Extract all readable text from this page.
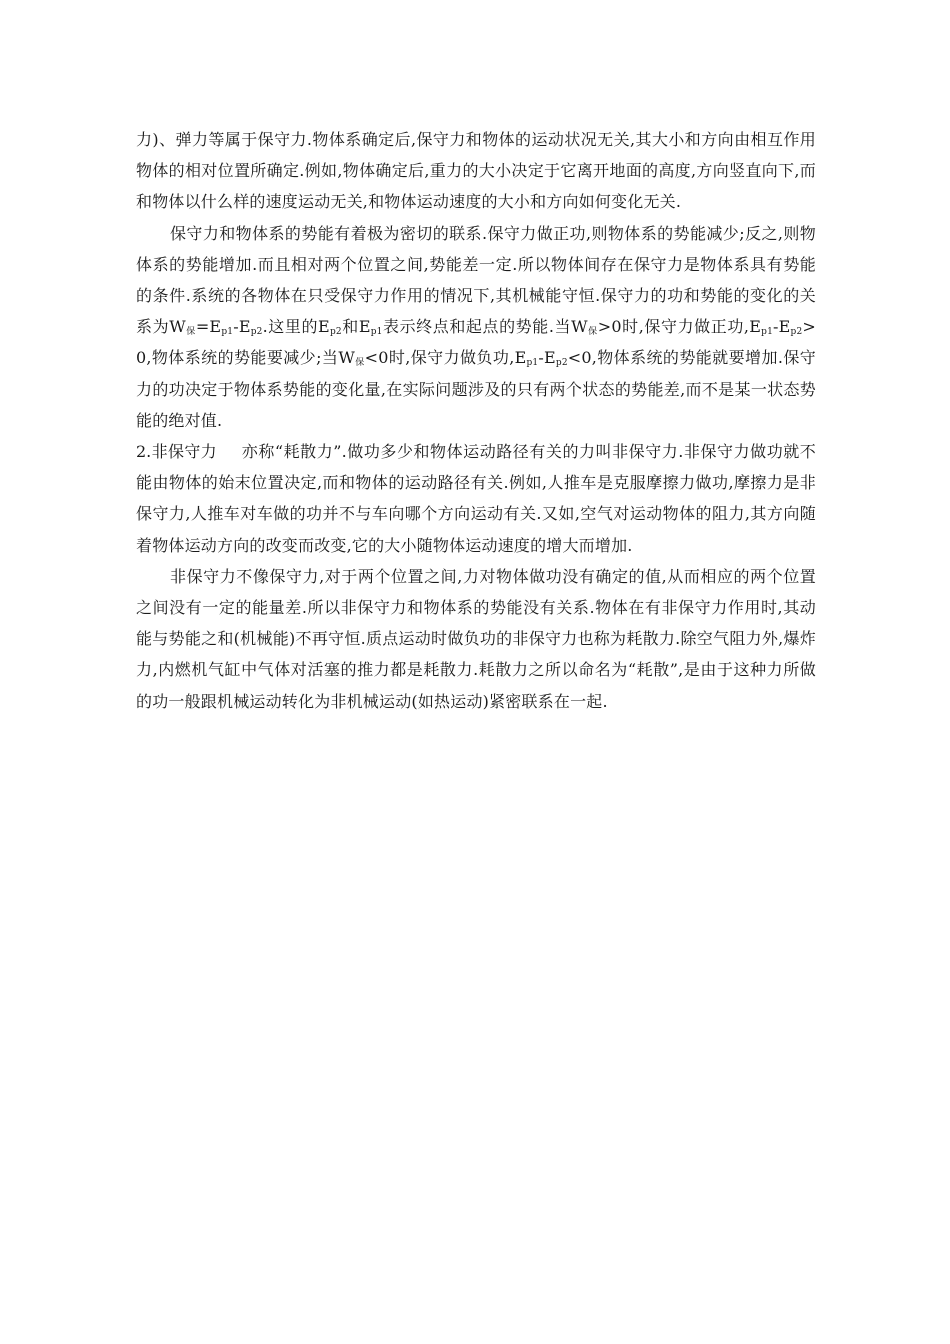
力)、弹力等属于保守力.物体系确定后,保守力和物体的运动状况无关,其大小和方向由相互作用物体的相对位置所确定.例如,物体确定后,重力的大小决定于它离开地面的高度,方向竖直向下,而和物体以什么样的速度运动无关,和物体运动速度的大小和方向如何变化无关.

保守力和物体系的势能有着极为密切的联系.保守力做正功,则物体系的势能减少;反之,则物体系的势能增加.而且相对两个位置之间,势能差一定.所以物体间存在保守力是物体系具有势能的条件.系统的各物体在只受保守力作用的情况下,其机械能守恒.保守力的功和势能的变化的关系为$W_保=E_{p1}-E_{p2}$.这里的$E_{p2}$和$E_{p1}$表示终点和起点的势能.当$W_保>0$时,保守力做正功$,E_{p1}-E_{p2}>0$,物体系统的势能要减少;当$W_保<0$时,保守力做负功$,E_{p1}-E_{p2}<0$,物体系统的势能就要增加.保守力的功决定于物体系势能的变化量,在实际问题涉及的只有两个状态的势能差,而不是某一状态势能的绝对值.

2.非保守力   亦称“耗散力”.做功多少和物体运动路径有关的力叫非保守力.非保守力做功就不能由物体的始末位置决定,而和物体的运动路径有关.例如,人推车是克服摩擦力做功,摩擦力是非保守力,人推车对车做的功并不与车向哪个方向运动有关.又如,空气对运动物体的阻力,其方向随着物体运动方向的改变而改变,它的大小随物体运动速度的增大而增加.

非保守力不像保守力,对于两个位置之间,力对物体做功没有确定的值,从而相应的两个位置之间没有一定的能量差.所以非保守力和物体系的势能没有关系.物体在有非保守力作用时,其动能与势能之和(机械能)不再守恒.质点运动时做负功的非保守力也称为耗散力.除空气阻力外,爆炸力,内燃机气缸中气体对活塞的推力都是耗散力.耗散力之所以命名为“耗散”,是由于这种力所做的功一般跟机械运动转化为非机械运动(如热运动)紧密联系在一起.
